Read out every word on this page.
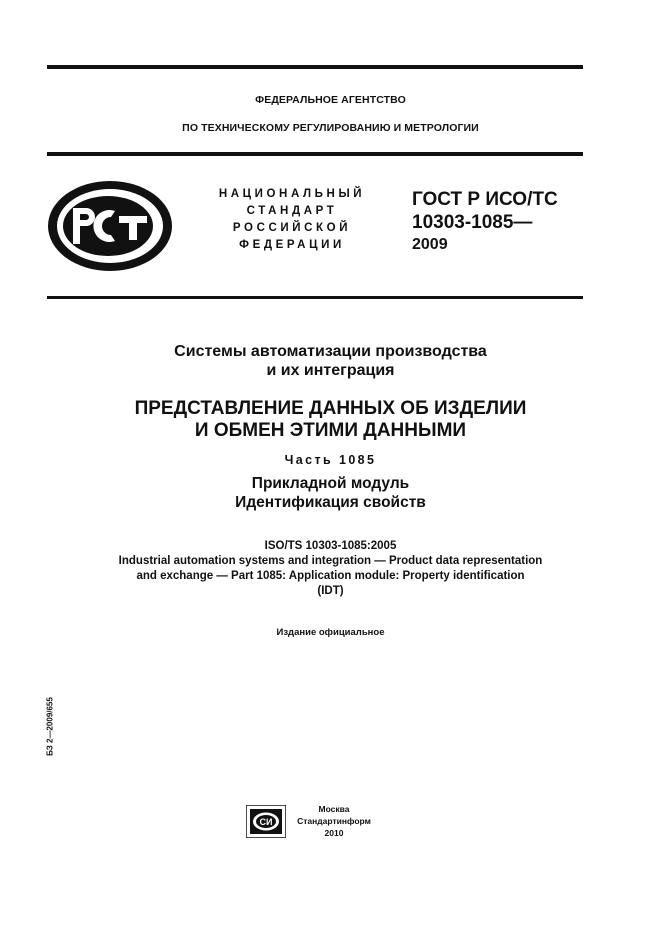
ФЕДЕРАЛЬНОЕ АГЕНТСТВО
ПО ТЕХНИЧЕСКОМУ РЕГУЛИРОВАНИЮ И МЕТРОЛОГИИ
НАЦИОНАЛЬНЫЙ
СТАНДАРТ
РОССИЙСКОЙ
ФЕДЕРАЦИИ
ГОСТ Р ИСО/ТС
10303-1085—
2009
Системы автоматизации производства
и их интеграция
ПРЕДСТАВЛЕНИЕ ДАННЫХ ОБ ИЗДЕЛИИ
И ОБМЕН ЭТИМИ ДАННЫМИ
Часть 1085
Прикладной модуль
Идентификация свойств
ISO/TS 10303-1085:2005
Industrial automation systems and integration — Product data representation
and exchange — Part 1085: Application module: Property identification
(IDT)
Издание официальное
БЗ 2—2009/655
СИ
Москва
Стандартинформ
2010
